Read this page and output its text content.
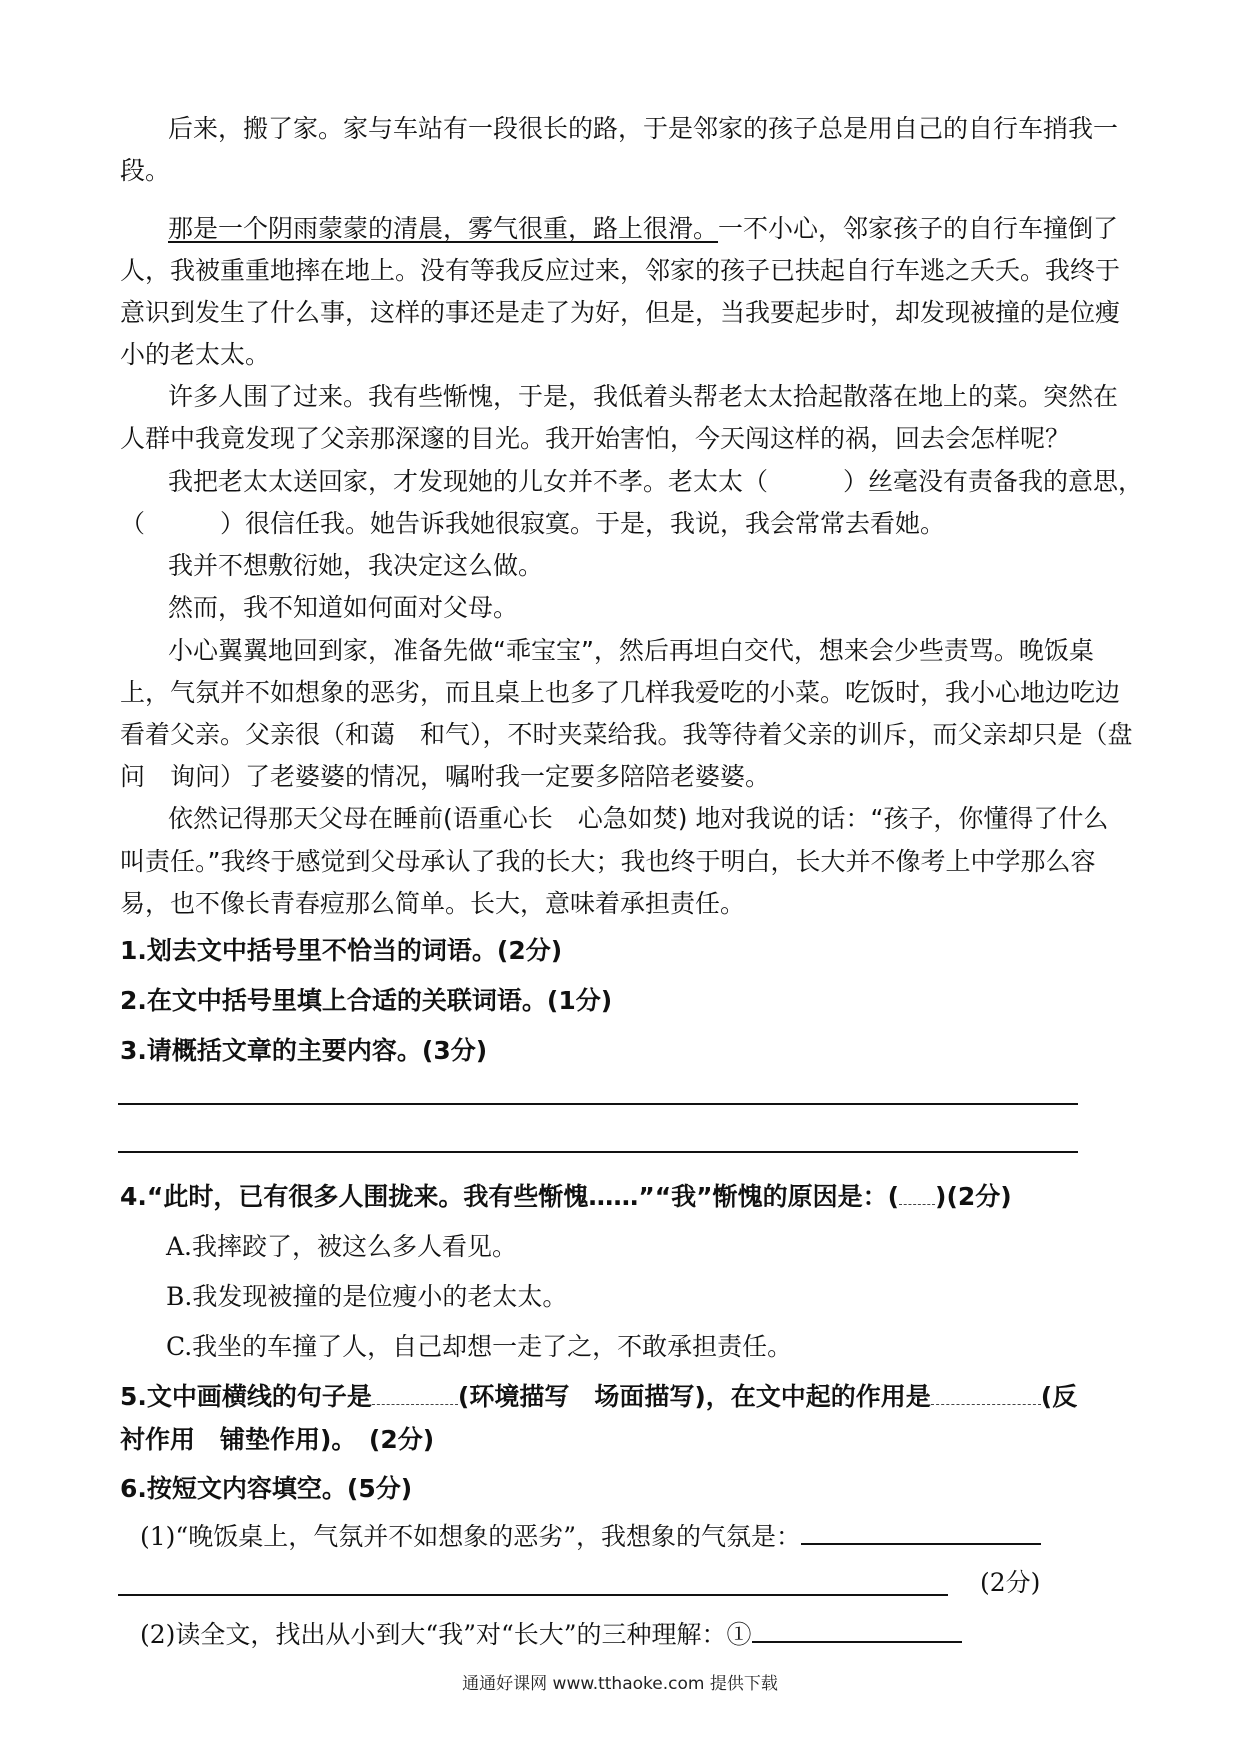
后来，搬了家。家与车站有一段很长的路，于是邻家的孩子总是用自己的自行车捎我一
段。
那是一个阴雨蒙蒙的清晨，雾气很重，路上很滑。一不小心，邻家孩子的自行车撞倒了
人，我被重重地摔在地上。没有等我反应过来，邻家的孩子已扶起自行车逃之夭夭。我终于
意识到发生了什么事，这样的事还是走了为好，但是，当我要起步时，却发现被撞的是位瘦
小的老太太。
许多人围了过来。我有些惭愧，于是，我低着头帮老太太拾起散落在地上的菜。突然在
人群中我竟发现了父亲那深邃的目光。我开始害怕，今天闯这样的祸，回去会怎样呢？
我把老太太送回家，才发现她的儿女并不孝。老太太（　　　）丝毫没有责备我的意思，
（　　　）很信任我。她告诉我她很寂寞。于是，我说，我会常常去看她。
我并不想敷衍她，我决定这么做。
然而，我不知道如何面对父母。
小心翼翼地回到家，准备先做“乖宝宝”，然后再坦白交代，想来会少些责骂。晚饭桌
上，气氛并不如想象的恶劣，而且桌上也多了几样我爱吃的小菜。吃饭时，我小心地边吃边
看着父亲。父亲很（和蔼　和气），不时夹菜给我。我等待着父亲的训斥，而父亲却只是（盘
问　询问）了老婆婆的情况，嘱咐我一定要多陪陪老婆婆。
依然记得那天父母在睡前(语重心长　心急如焚) 地对我说的话：“孩子，你懂得了什么
叫责任。”我终于感觉到父母承认了我的长大；我也终于明白，长大并不像考上中学那么容
易，也不像长青春痘那么简单。长大，意味着承担责任。
1.划去文中括号里不恰当的词语。(2分)
2.在文中括号里填上合适的关联词语。(1分)
3.请概括文章的主要内容。(3分)
4.“此时，已有很多人围拢来。我有些惭愧……”“我”惭愧的原因是：( )(2分)
A.我摔跤了，被这么多人看见。
B.我发现被撞的是位瘦小的老太太。
C.我坐的车撞了人，自己却想一走了之，不敢承担责任。
5.文中画横线的句子是	(环境描写　场面描写)，在文中起的作用是	(反
衬作用　铺垫作用)。　(2分)
6.按短文内容填空。(5分)
(1)“晚饭桌上，气氛并不如想象的恶劣”，我想象的气氛是：
(2分)
(2)读全文，找出从小到大“我”对“长大”的三种理解：①
通通好课网 www.tthaoke.com 提供下载
